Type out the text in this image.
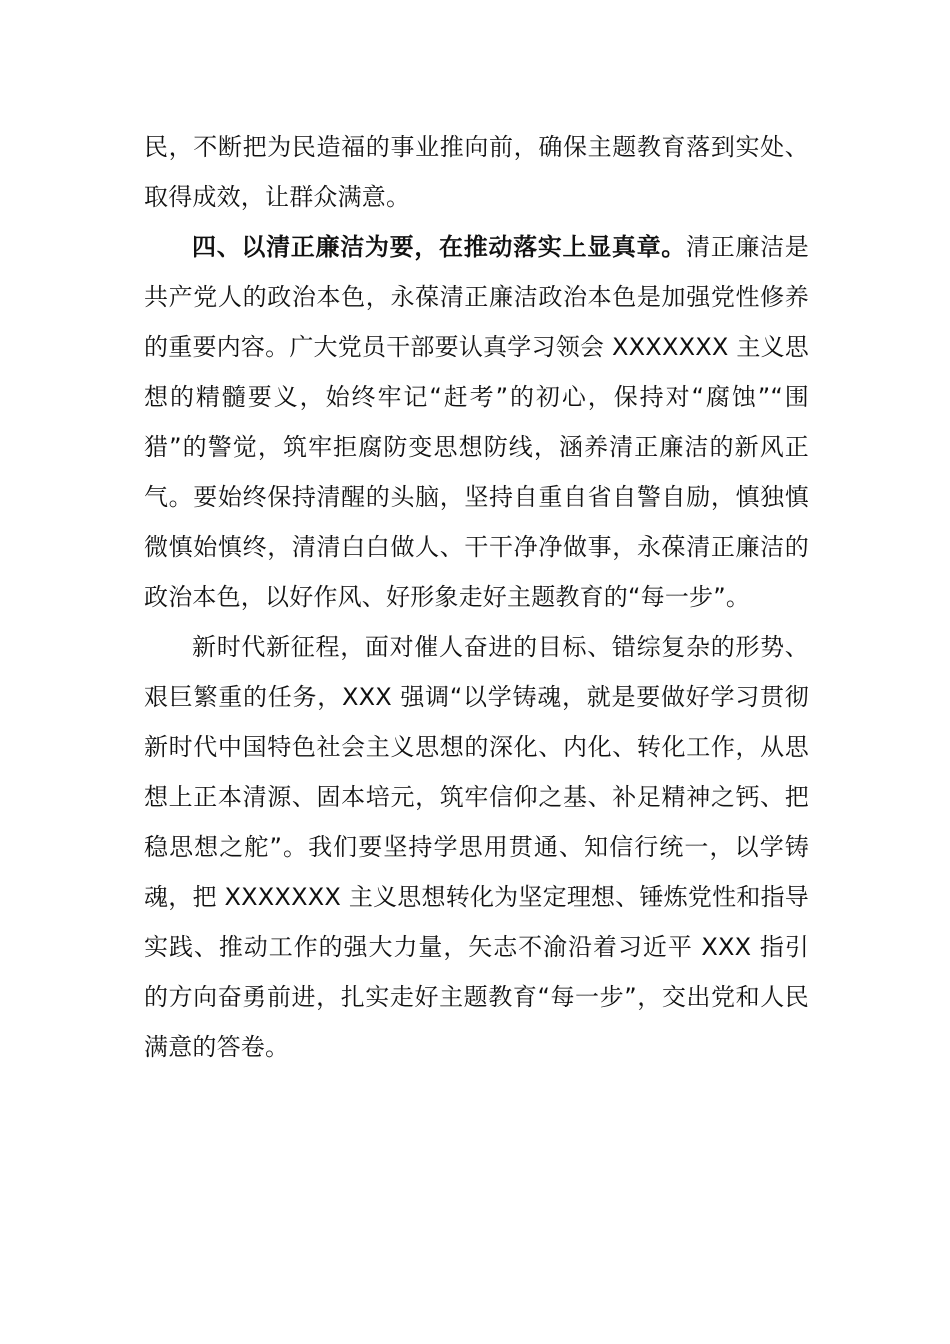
民，不断把为民造福的事业推向前，确保主题教育落到实处、取得成效，让群众满意。

四、以清正廉洁为要，在推动落实上显真章。清正廉洁是共产党人的政治本色，永葆清正廉洁政治本色是加强党性修养的重要内容。广大党员干部要认真学习领会 XXXXXXX 主义思想的精髓要义，始终牢记“赶考”的初心，保持对“腐蚀”“围猎”的警觉，筑牢拒腐防变思想防线，涵养清正廉洁的新风正气。要始终保持清醒的头脑，坚持自重自省自警自励，慎独慎微慎始慎终，清清白白做人、干干净净做事，永葆清正廉洁的政治本色，以好作风、好形象走好主题教育的“每一步”。

新时代新征程，面对催人奋进的目标、错综复杂的形势、艰巨繁重的任务，XXX 强调“以学铸魂，就是要做好学习贯彻新时代中国特色社会主义思想的深化、内化、转化工作，从思想上正本清源、固本培元，筑牢信仰之基、补足精神之钙、把稳思想之舵”。我们要坚持学思用贯通、知信行统一，以学铸魂，把 XXXXXXX 主义思想转化为坚定理想、锤炼党性和指导实践、推动工作的强大力量，矢志不渝沿着习近平 XXX 指引的方向奋勇前进，扎实走好主题教育“每一步”，交出党和人民满意的答卷。
